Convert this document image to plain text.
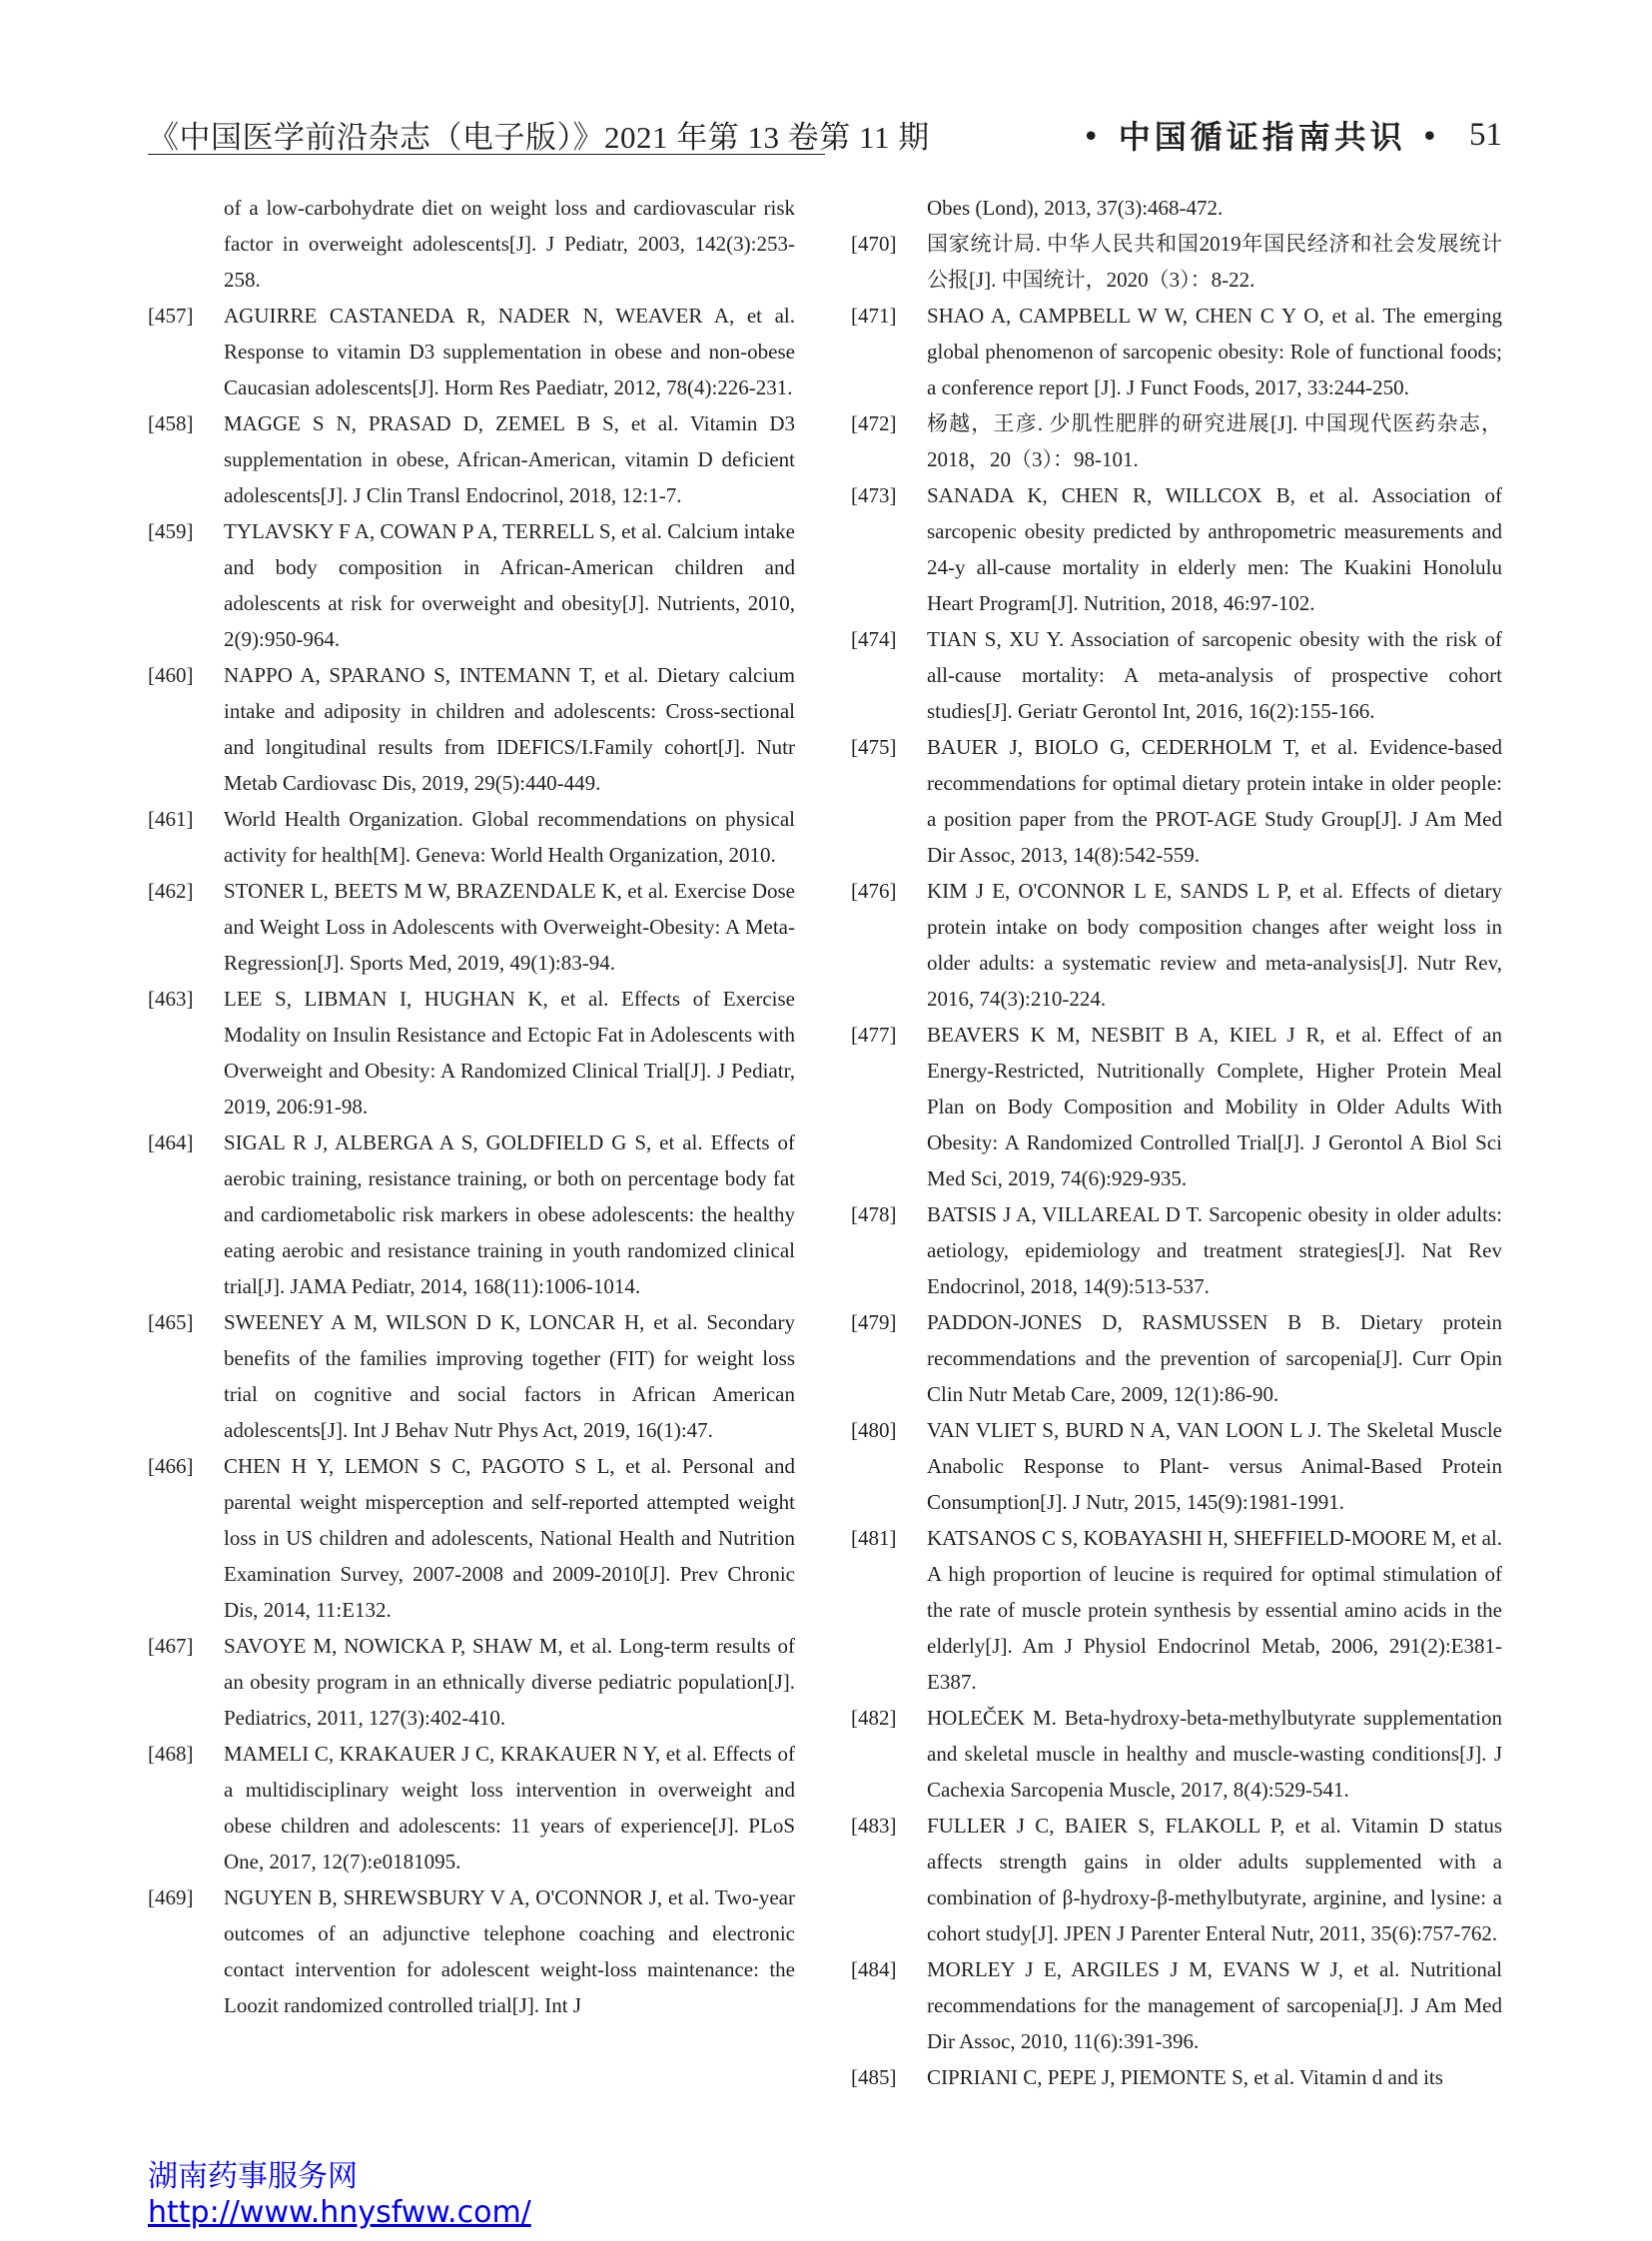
《中国医学前沿杂志（电子版）》2021 年第 13 卷第 11 期	• 中国循证指南共识 • 51
of a low-carbohydrate diet on weight loss and cardiovascular risk factor in overweight adolescents[J]. J Pediatr, 2003, 142(3):253-258.
[457]	AGUIRRE CASTANEDA R, NADER N, WEAVER A, et al. Response to vitamin D3 supplementation in obese and non-obese Caucasian adolescents[J]. Horm Res Paediatr, 2012, 78(4):226-231.
[458]	MAGGE S N, PRASAD D, ZEMEL B S, et al. Vitamin D3 supplementation in obese, African-American, vitamin D deficient adolescents[J]. J Clin Transl Endocrinol, 2018, 12:1-7.
[459]	TYLAVSKY F A, COWAN P A, TERRELL S, et al. Calcium intake and body composition in African-American children and adolescents at risk for overweight and obesity[J]. Nutrients, 2010, 2(9):950-964.
[460]	NAPPO A, SPARANO S, INTEMANN T, et al. Dietary calcium intake and adiposity in children and adolescents: Cross-sectional and longitudinal results from IDEFICS/I.Family cohort[J]. Nutr Metab Cardiovasc Dis, 2019, 29(5):440-449.
[461]	World Health Organization. Global recommendations on physical activity for health[M]. Geneva: World Health Organization, 2010.
[462]	STONER L, BEETS M W, BRAZENDALE K, et al. Exercise Dose and Weight Loss in Adolescents with Overweight-Obesity: A Meta-Regression[J]. Sports Med, 2019, 49(1):83-94.
[463]	LEE S, LIBMAN I, HUGHAN K, et al. Effects of Exercise Modality on Insulin Resistance and Ectopic Fat in Adolescents with Overweight and Obesity: A Randomized Clinical Trial[J]. J Pediatr, 2019, 206:91-98.
[464]	SIGAL R J, ALBERGA A S, GOLDFIELD G S, et al. Effects of aerobic training, resistance training, or both on percentage body fat and cardiometabolic risk markers in obese adolescents: the healthy eating aerobic and resistance training in youth randomized clinical trial[J]. JAMA Pediatr, 2014, 168(11):1006-1014.
[465]	SWEENEY A M, WILSON D K, LONCAR H, et al. Secondary benefits of the families improving together (FIT) for weight loss trial on cognitive and social factors in African American adolescents[J]. Int J Behav Nutr Phys Act, 2019, 16(1):47.
[466]	CHEN H Y, LEMON S C, PAGOTO S L, et al. Personal and parental weight misperception and self-reported attempted weight loss in US children and adolescents, National Health and Nutrition Examination Survey, 2007-2008 and 2009-2010[J]. Prev Chronic Dis, 2014, 11:E132.
[467]	SAVOYE M, NOWICKA P, SHAW M, et al. Long-term results of an obesity program in an ethnically diverse pediatric population[J]. Pediatrics, 2011, 127(3):402-410.
[468]	MAMELI C, KRAKAUER J C, KRAKAUER N Y, et al. Effects of a multidisciplinary weight loss intervention in overweight and obese children and adolescents: 11 years of experience[J]. PLoS One, 2017, 12(7):e0181095.
[469]	NGUYEN B, SHREWSBURY V A, O'CONNOR J, et al. Two-year outcomes of an adjunctive telephone coaching and electronic contact intervention for adolescent weight-loss maintenance: the Loozit randomized controlled trial[J]. Int J
Obes (Lond), 2013, 37(3):468-472.
[470]	国家统计局. 中华人民共和国2019年国民经济和社会发展统计公报[J]. 中国统计，2020（3）：8-22.
[471]	SHAO A, CAMPBELL W W, CHEN C Y O, et al. The emerging global phenomenon of sarcopenic obesity: Role of functional foods; a conference report [J]. J Funct Foods, 2017, 33:244-250.
[472]	杨越，王彦. 少肌性肥胖的研究进展[J]. 中国现代医药杂志，2018，20（3）：98-101.
[473]	SANADA K, CHEN R, WILLCOX B, et al. Association of sarcopenic obesity predicted by anthropometric measurements and 24-y all-cause mortality in elderly men: The Kuakini Honolulu Heart Program[J]. Nutrition, 2018, 46:97-102.
[474]	TIAN S, XU Y. Association of sarcopenic obesity with the risk of all-cause mortality: A meta-analysis of prospective cohort studies[J]. Geriatr Gerontol Int, 2016, 16(2):155-166.
[475]	BAUER J, BIOLO G, CEDERHOLM T, et al. Evidence-based recommendations for optimal dietary protein intake in older people: a position paper from the PROT-AGE Study Group[J]. J Am Med Dir Assoc, 2013, 14(8):542-559.
[476]	KIM J E, O'CONNOR L E, SANDS L P, et al. Effects of dietary protein intake on body composition changes after weight loss in older adults: a systematic review and meta-analysis[J]. Nutr Rev, 2016, 74(3):210-224.
[477]	BEAVERS K M, NESBIT B A, KIEL J R, et al. Effect of an Energy-Restricted, Nutritionally Complete, Higher Protein Meal Plan on Body Composition and Mobility in Older Adults With Obesity: A Randomized Controlled Trial[J]. J Gerontol A Biol Sci Med Sci, 2019, 74(6):929-935.
[478]	BATSIS J A, VILLAREAL D T. Sarcopenic obesity in older adults: aetiology, epidemiology and treatment strategies[J]. Nat Rev Endocrinol, 2018, 14(9):513-537.
[479]	PADDON-JONES D, RASMUSSEN B B. Dietary protein recommendations and the prevention of sarcopenia[J]. Curr Opin Clin Nutr Metab Care, 2009, 12(1):86-90.
[480]	VAN VLIET S, BURD N A, VAN LOON L J. The Skeletal Muscle Anabolic Response to Plant- versus Animal-Based Protein Consumption[J]. J Nutr, 2015, 145(9):1981-1991.
[481]	KATSANOS C S, KOBAYASHI H, SHEFFIELD-MOORE M, et al. A high proportion of leucine is required for optimal stimulation of the rate of muscle protein synthesis by essential amino acids in the elderly[J]. Am J Physiol Endocrinol Metab, 2006, 291(2):E381-E387.
[482]	HOLEČEK M. Beta-hydroxy-beta-methylbutyrate supplementation and skeletal muscle in healthy and muscle-wasting conditions[J]. J Cachexia Sarcopenia Muscle, 2017, 8(4):529-541.
[483]	FULLER J C, BAIER S, FLAKOLL P, et al. Vitamin D status affects strength gains in older adults supplemented with a combination of β-hydroxy-β-methylbutyrate, arginine, and lysine: a cohort study[J]. JPEN J Parenter Enteral Nutr, 2011, 35(6):757-762.
[484]	MORLEY J E, ARGILES J M, EVANS W J, et al. Nutritional recommendations for the management of sarcopenia[J]. J Am Med Dir Assoc, 2010, 11(6):391-396.
[485]	CIPRIANI C, PEPE J, PIEMONTE S, et al. Vitamin d and its
湖南药事服务网
http://www.hnysfww.com/
